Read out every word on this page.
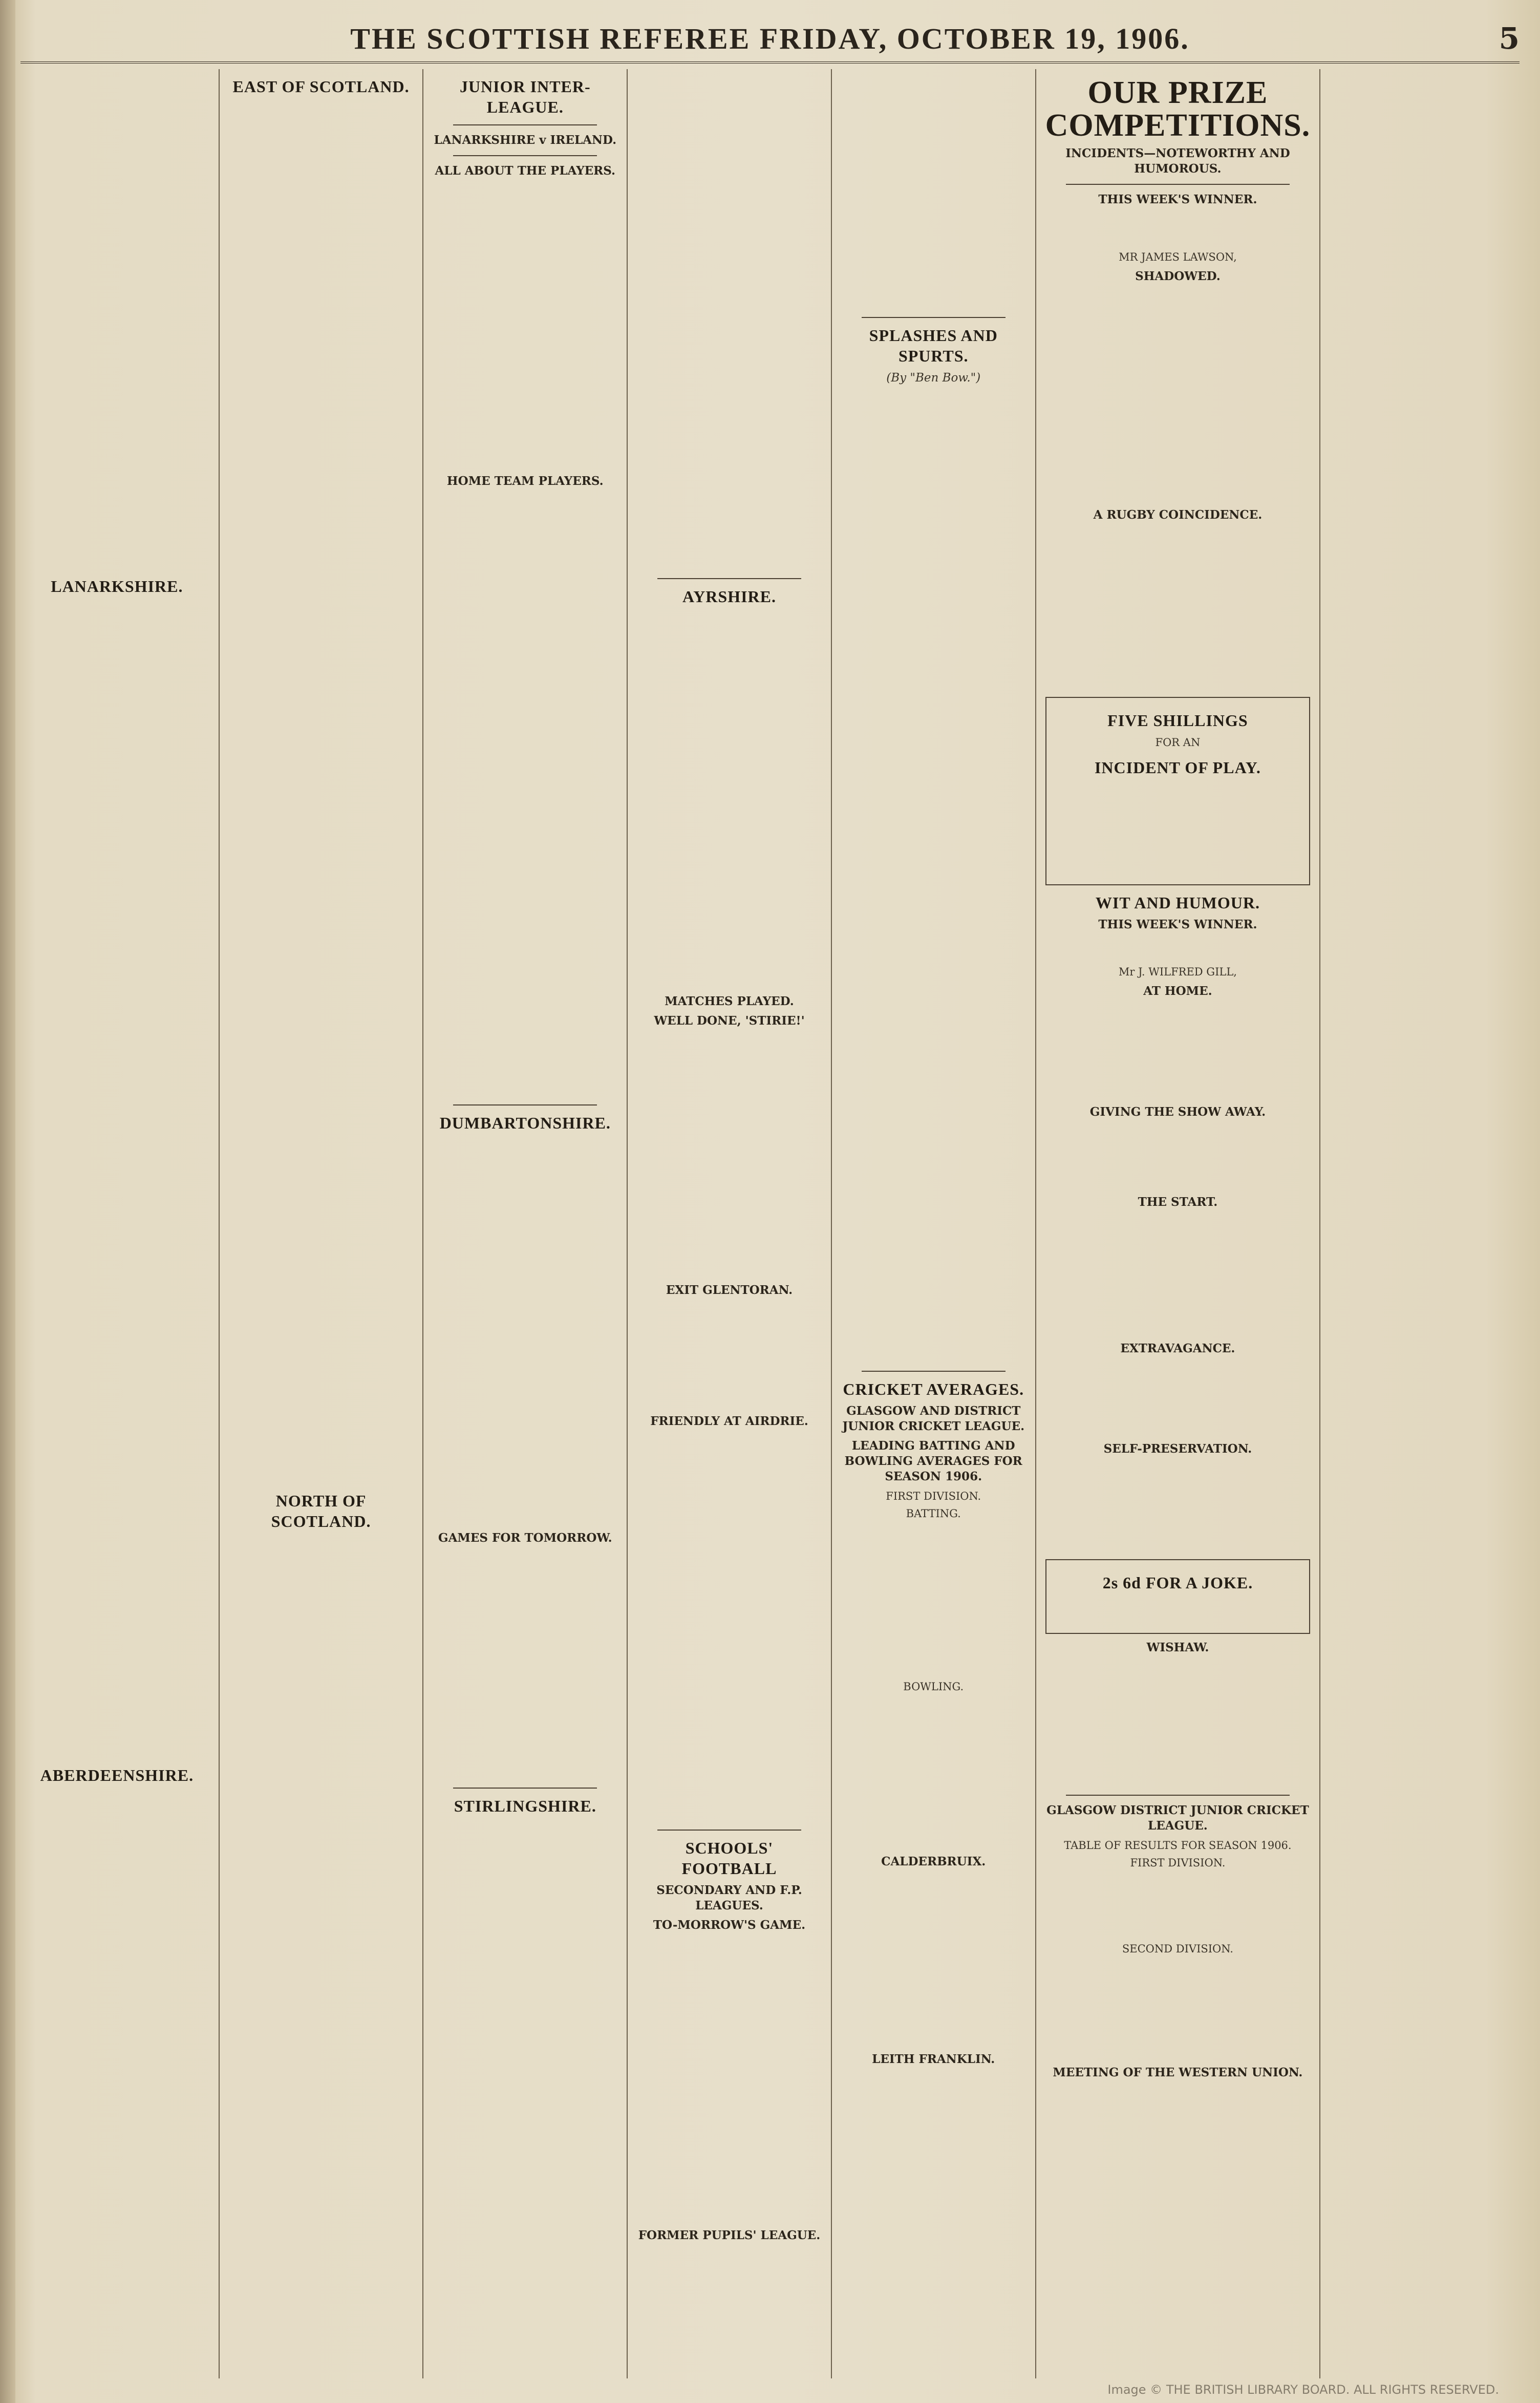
THE SCOTTISH REFEREE FRIDAY, OCTOBER 19, 1906.	5

LANARKSHIRE.
ABERDEENSHIRE.
EAST OF SCOTLAND.
NORTH OF SCOTLAND.
JUNIOR INTER-LEAGUE.
LANARKSHIRE v IRELAND.
ALL ABOUT THE PLAYERS.
HOME TEAM PLAYERS.
DUMBARTONSHIRE.
GAMES FOR TOMORROW.
STIRLINGSHIRE.
AYRSHIRE.
MATCHES PLAYED.
WELL DONE, 'STIRIE!'
EXIT GLENTORAN.
FRIENDLY AT AIRDRIE.
SCHOOLS' FOOTBALL
SECONDARY AND F.P. LEAGUES.
TO-MORROW'S GAME.
FORMER PUPILS' LEAGUE.
SPLASHES AND SPURTS.
(By "Ben Bow.")
CRICKET AVERAGES.
GLASGOW AND DISTRICT JUNIOR CRICKET LEAGUE.
LEADING BATTING AND BOWLING AVERAGES FOR SEASON 1906.
FIRST DIVISION.
BATTING.
BOWLING.
CALDERBRUIX.
LEITH FRANKLIN.
OUR PRIZE COMPETITIONS.
INCIDENTS—NOTEWORTHY AND HUMOROUS.
THIS WEEK'S WINNER.
MR JAMES LAWSON,
SHADOWED.
A RUGBY COINCIDENCE.
FIVE SHILLINGS
FOR AN
INCIDENT OF PLAY.
WIT AND HUMOUR.
THIS WEEK'S WINNER.
Mr J. WILFRED GILL,
AT HOME.
GIVING THE SHOW AWAY.
THE START.
EXTRAVAGANCE.
SELF-PRESERVATION.
2s 6d FOR A JOKE.
WISHAW.
GLASGOW DISTRICT JUNIOR CRICKET LEAGUE.
TABLE OF RESULTS FOR SEASON 1906.
FIRST DIVISION.
SECOND DIVISION.
MEETING OF THE WESTERN UNION.
Image © THE BRITISH LIBRARY BOARD. ALL RIGHTS RESERVED.
